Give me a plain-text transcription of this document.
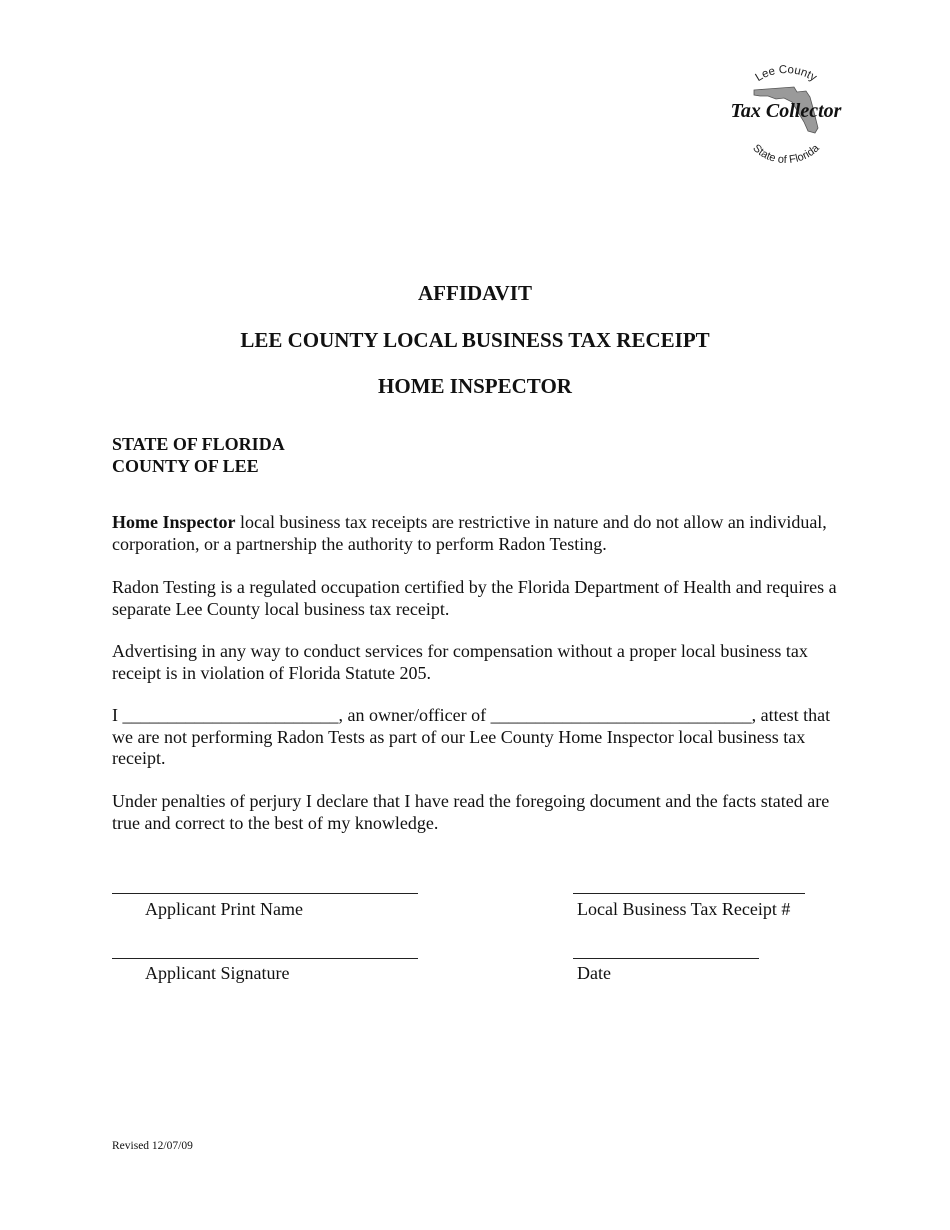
Lee County
Tax Collector
State of Florida
AFFIDAVIT
LEE COUNTY LOCAL BUSINESS TAX RECEIPT
HOME INSPECTOR
STATE OF FLORIDA
COUNTY OF LEE

Home Inspector local business tax receipts are restrictive in nature and do not allow an individual, corporation, or a partnership the authority to perform Radon Testing.

Radon Testing is a regulated occupation certified by the Florida Department of Health and requires a separate Lee County local business tax receipt.

Advertising in any way to conduct services for compensation without a proper local business tax receipt is in violation of Florida Statute 205.

I ________________________, an owner/officer of _____________________________, attest that we are not performing Radon Tests as part of our Lee County Home Inspector local business tax receipt.

Under penalties of perjury I declare that I have read the foregoing document and the facts stated are true and correct to the best of my knowledge.

Applicant Print Name	Local Business Tax Receipt #
Applicant Signature	Date
Revised 12/07/09
